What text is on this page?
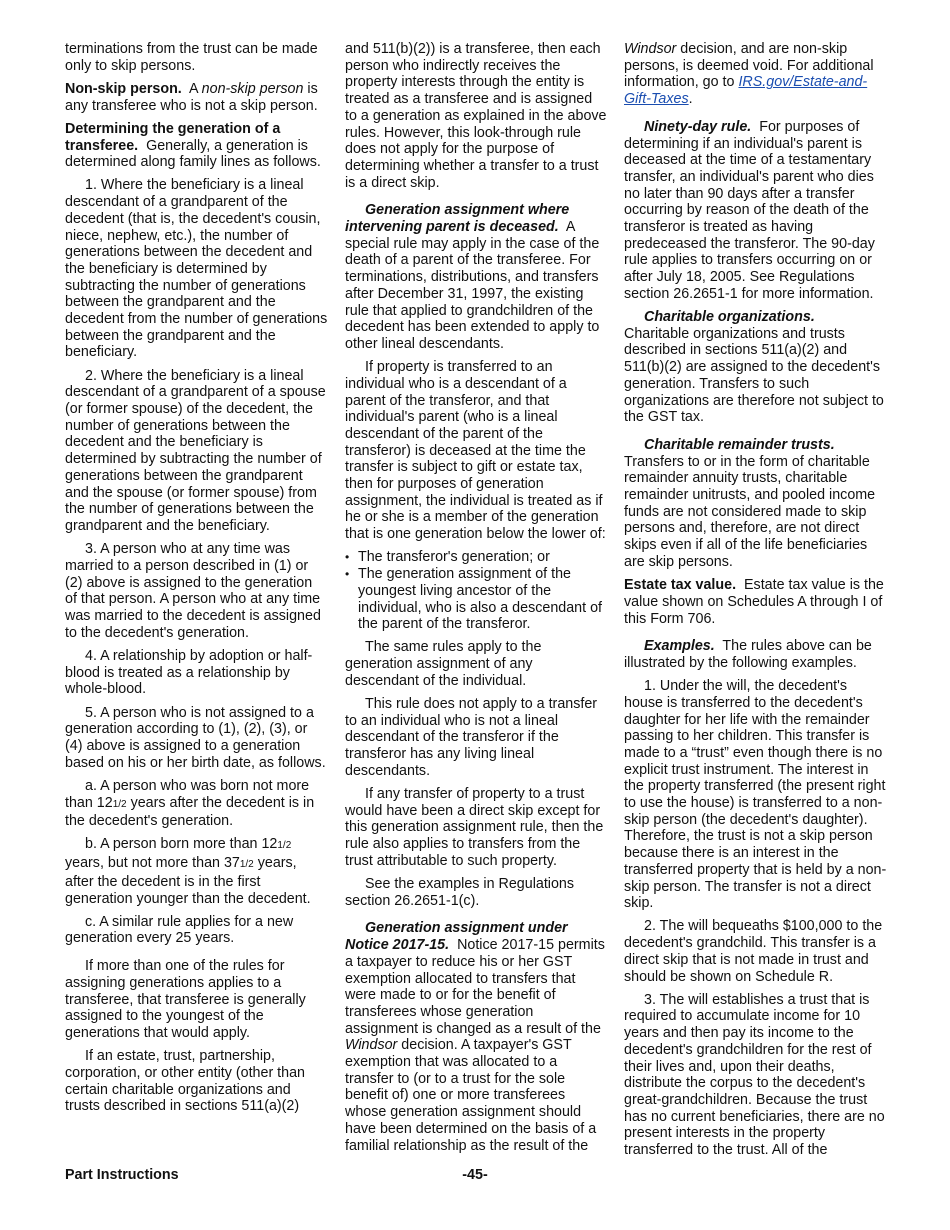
terminations from the trust can be made only to skip persons.

Non-skip person. A non-skip person is any transferee who is not a skip person.

Determining the generation of a transferee. Generally, a generation is determined along family lines as follows.

1. Where the beneficiary is a lineal descendant of a grandparent of the decedent (that is, the decedent's cousin, niece, nephew, etc.), the number of generations between the decedent and the beneficiary is determined by subtracting the number of generations between the grandparent and the decedent from the number of generations between the grandparent and the beneficiary.

2. Where the beneficiary is a lineal descendant of a grandparent of a spouse (or former spouse) of the decedent, the number of generations between the decedent and the beneficiary is determined by subtracting the number of generations between the grandparent and the spouse (or former spouse) from the number of generations between the grandparent and the beneficiary.

3. A person who at any time was married to a person described in (1) or (2) above is assigned to the generation of that person. A person who at any time was married to the decedent is assigned to the decedent's generation.

4. A relationship by adoption or half-blood is treated as a relationship by whole-blood.

5. A person who is not assigned to a generation according to (1), (2), (3), or (4) above is assigned to a generation based on his or her birth date, as follows.

a. A person who was born not more than 121/2 years after the decedent is in the decedent's generation.

b. A person born more than 121/2 years, but not more than 371/2 years, after the decedent is in the first generation younger than the decedent.

c. A similar rule applies for a new generation every 25 years.

If more than one of the rules for assigning generations applies to a transferee, that transferee is generally assigned to the youngest of the generations that would apply.

If an estate, trust, partnership, corporation, or other entity (other than certain charitable organizations and trusts described in sections 511(a)(2)

and 511(b)(2)) is a transferee, then each person who indirectly receives the property interests through the entity is treated as a transferee and is assigned to a generation as explained in the above rules. However, this look-through rule does not apply for the purpose of determining whether a transfer to a trust is a direct skip.

Generation assignment where intervening parent is deceased. A special rule may apply in the case of the death of a parent of the transferee. For terminations, distributions, and transfers after December 31, 1997, the existing rule that applied to grandchildren of the decedent has been extended to apply to other lineal descendants.

If property is transferred to an individual who is a descendant of a parent of the transferor, and that individual's parent (who is a lineal descendant of the parent of the transferor) is deceased at the time the transfer is subject to gift or estate tax, then for purposes of generation assignment, the individual is treated as if he or she is a member of the generation that is one generation below the lower of:

• The transferor's generation; or

• The generation assignment of the youngest living ancestor of the individual, who is also a descendant of the parent of the transferor.

The same rules apply to the generation assignment of any descendant of the individual.

This rule does not apply to a transfer to an individual who is not a lineal descendant of the transferor if the transferor has any living lineal descendants.

If any transfer of property to a trust would have been a direct skip except for this generation assignment rule, then the rule also applies to transfers from the trust attributable to such property.

See the examples in Regulations section 26.2651-1(c).

Generation assignment under Notice 2017-15. Notice 2017-15 permits a taxpayer to reduce his or her GST exemption allocated to transfers that were made to or for the benefit of transferees whose generation assignment is changed as a result of the Windsor decision. A taxpayer's GST exemption that was allocated to a transfer to (or to a trust for the sole benefit of) one or more transferees whose generation assignment should have been determined on the basis of a familial relationship as the result of the

Windsor decision, and are non-skip persons, is deemed void. For additional information, go to IRS.gov/Estate-and-Gift-Taxes.

Ninety-day rule. For purposes of determining if an individual's parent is deceased at the time of a testamentary transfer, an individual's parent who dies no later than 90 days after a transfer occurring by reason of the death of the transferor is treated as having predeceased the transferor. The 90-day rule applies to transfers occurring on or after July 18, 2005. See Regulations section 26.2651-1 for more information.

Charitable organizations.
Charitable organizations and trusts described in sections 511(a)(2) and 511(b)(2) are assigned to the decedent's generation. Transfers to such organizations are therefore not subject to the GST tax.

Charitable remainder trusts.
Transfers to or in the form of charitable remainder annuity trusts, charitable remainder unitrusts, and pooled income funds are not considered made to skip persons and, therefore, are not direct skips even if all of the life beneficiaries are skip persons.

Estate tax value. Estate tax value is the value shown on Schedules A through I of this Form 706.

Examples. The rules above can be illustrated by the following examples.

1. Under the will, the decedent's house is transferred to the decedent's daughter for her life with the remainder passing to her children. This transfer is made to a “trust” even though there is no explicit trust instrument. The interest in the property transferred (the present right to use the house) is transferred to a non-skip person (the decedent's daughter). Therefore, the trust is not a skip person because there is an interest in the transferred property that is held by a non-skip person. The transfer is not a direct skip.

2. The will bequeaths $100,000 to the decedent's grandchild. This transfer is a direct skip that is not made in trust and should be shown on Schedule R.

3. The will establishes a trust that is required to accumulate income for 10 years and then pay its income to the decedent's grandchildren for the rest of their lives and, upon their deaths, distribute the corpus to the decedent's great-grandchildren. Because the trust has no current beneficiaries, there are no present interests in the property transferred to the trust. All of the

Part Instructions	-45-
